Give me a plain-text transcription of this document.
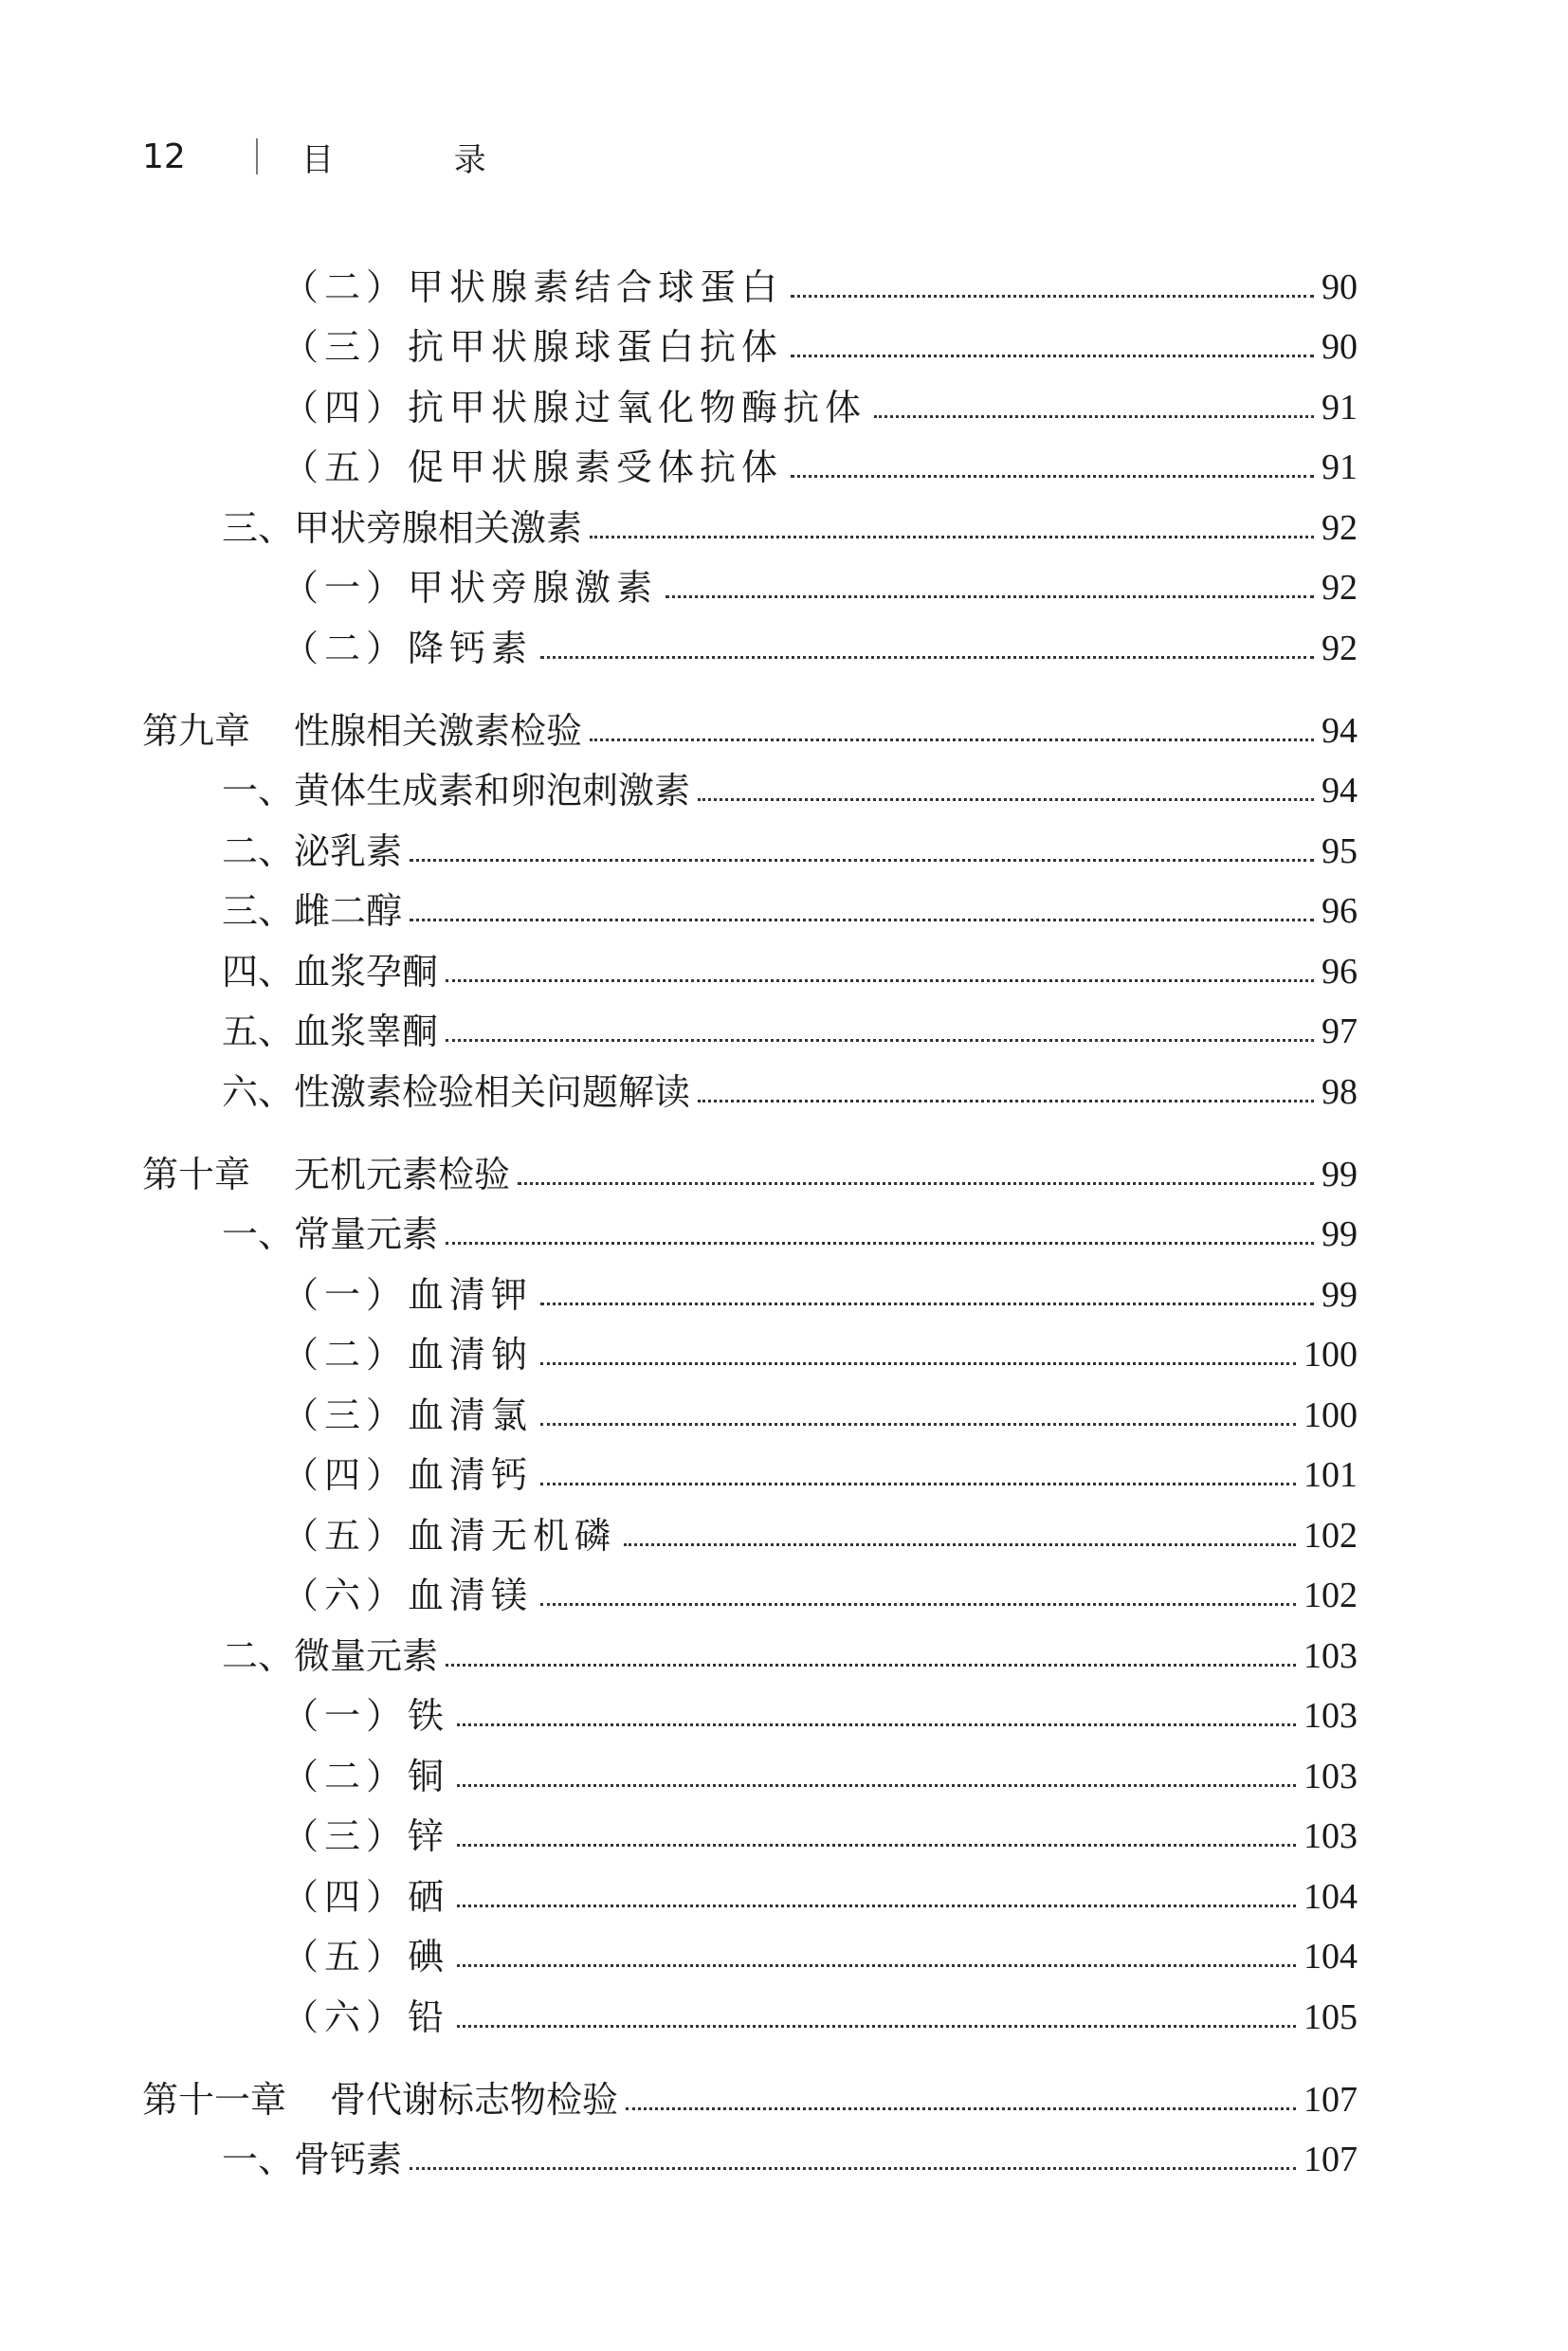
12	目 录
（二）甲状腺素结合球蛋白	90
（三）抗甲状腺球蛋白抗体	90
（四）抗甲状腺过氧化物酶抗体	91
（五）促甲状腺素受体抗体	91
三、甲状旁腺相关激素	92
（一）甲状旁腺激素	92
（二）降钙素	92
第九章 性腺相关激素检验	94
一、黄体生成素和卵泡刺激素	94
二、泌乳素	95
三、雌二醇	96
四、血浆孕酮	96
五、血浆睾酮	97
六、性激素检验相关问题解读	98
第十章 无机元素检验	99
一、常量元素	99
（一）血清钾	99
（二）血清钠	100
（三）血清氯	100
（四）血清钙	101
（五）血清无机磷	102
（六）血清镁	102
二、微量元素	103
（一）铁	103
（二）铜	103
（三）锌	103
（四）硒	104
（五）碘	104
（六）铅	105
第十一章 骨代谢标志物检验	107
一、骨钙素	107
